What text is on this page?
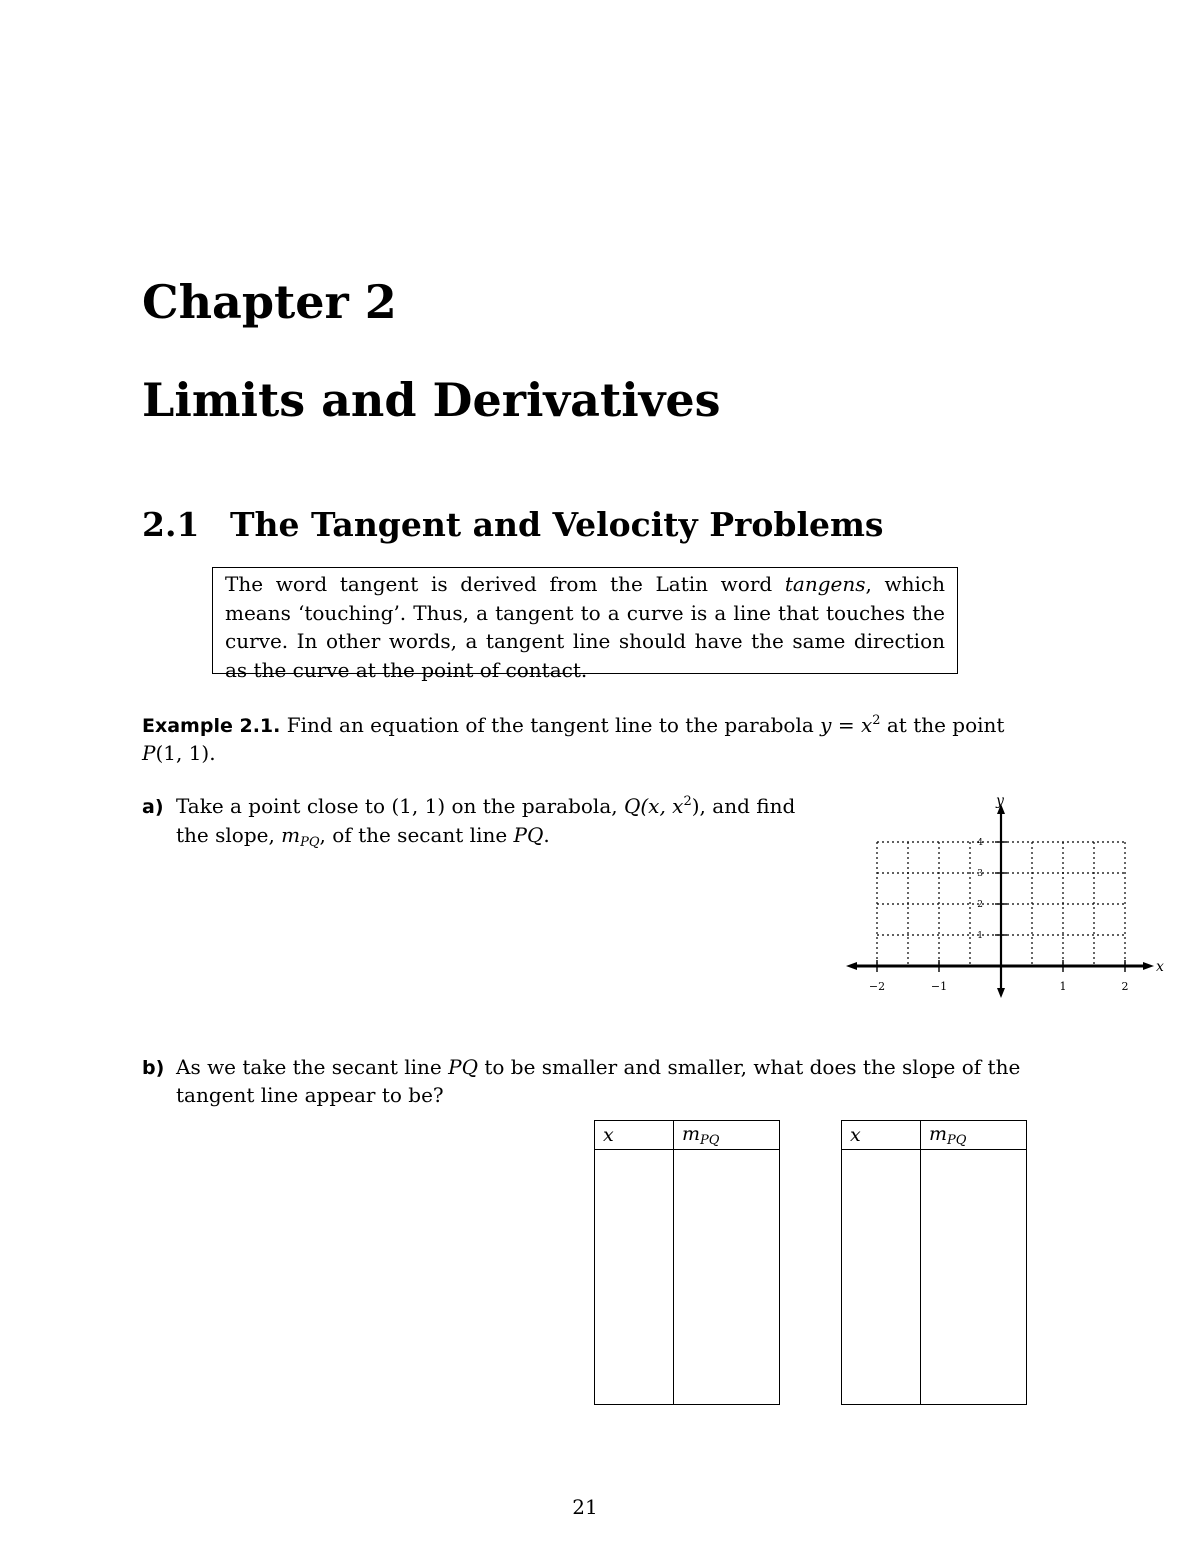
Chapter 2
Limits and Derivatives
2.1 The Tangent and Velocity Problems
The word tangent is derived from the Latin word tangens, which means ‘touching’. Thus, a tangent to a curve is a line that touches the curve. In other words, a tangent line should have the same direction as the curve at the point of contact.
Example 2.1. Find an equation of the tangent line to the parabola $y = x^2$ at the point
P(1, 1).
a) Take a point close to (1, 1) on the parabola, Q(x, $x^2$), and find
the slope, $m_{PQ}$, of the secant line PQ.
x
y
−2	−1	1	2
4
3
2
1
b) As we take the secant line PQ to be smaller and smaller, what does the slope of the
tangent line appear to be?
x	$m_{PQ}$
		x	$m_{PQ}$

21
